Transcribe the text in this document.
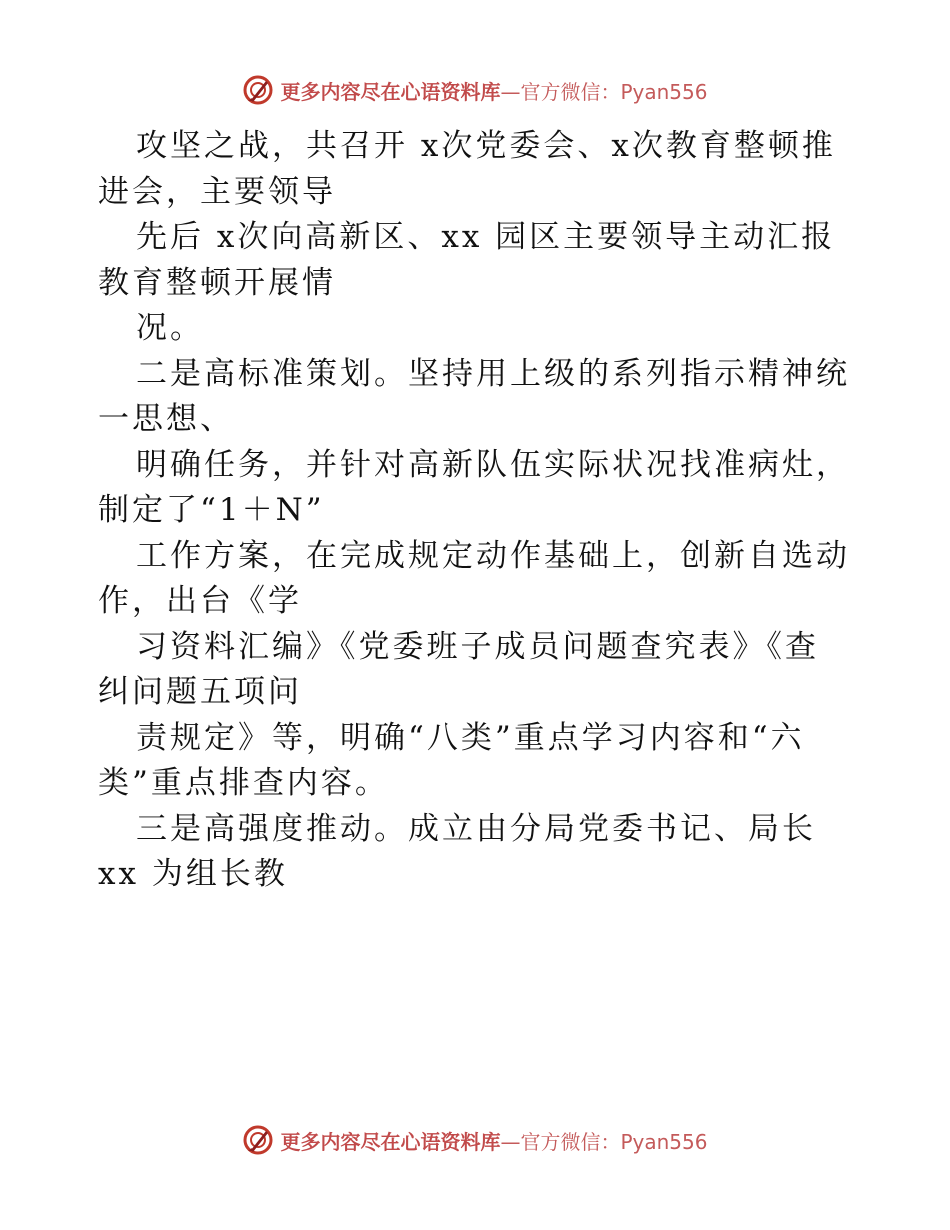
更多内容尽在心语资料库—官方微信：Pyan556
攻坚之战，共召开 x次党委会、x次教育整顿推
进会，主要领导
先后 x次向高新区、xx 园区主要领导主动汇报
教育整顿开展情
况。
二是高标准策划。坚持用上级的系列指示精神统
一思想、
明确任务，并针对高新队伍实际状况找准病灶，
制定了“1＋N”
工作方案，在完成规定动作基础上，创新自选动
作，出台《学
习资料汇编》《党委班子成员问题查究表》《查
纠问题五项问
责规定》等，明确“八类”重点学习内容和“六
类”重点排查内容。
三是高强度推动。成立由分局党委书记、局长
xx 为组长教
更多内容尽在心语资料库—官方微信：Pyan556
